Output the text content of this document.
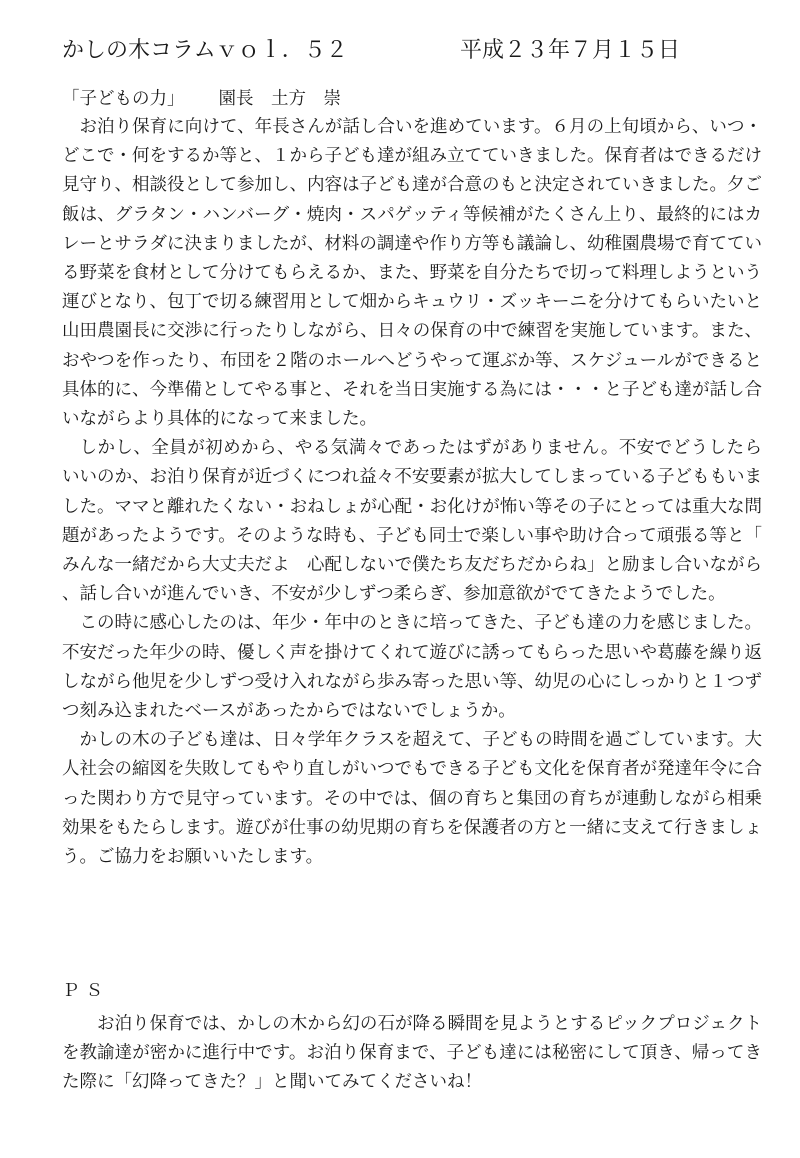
かしの木コラムｖｏｌ．５２	平成２３年７月１５日
「子どもの力」 園長　土方　崇

お泊り保育に向けて、年長さんが話し合いを進めています。６月の上旬頃から、いつ・どこで・何をするか等と、１から子ども達が組み立てていきました。保育者はできるだけ見守り、相談役として参加し、内容は子ども達が合意のもと決定されていきました。夕ご飯は、グラタン・ハンバーグ・焼肉・スパゲッティ等候補がたくさん上り、最終的にはカレーとサラダに決まりましたが、材料の調達や作り方等も議論し、幼稚園農場で育てている野菜を食材として分けてもらえるか、また、野菜を自分たちで切って料理しようという運びとなり、包丁で切る練習用として畑からキュウリ・ズッキーニを分けてもらいたいと山田農園長に交渉に行ったりしながら、日々の保育の中で練習を実施しています。また、おやつを作ったり、布団を２階のホールへどうやって運ぶか等、スケジュールができると具体的に、今準備としてやる事と、それを当日実施する為には・・・と子ども達が話し合いながらより具体的になって来ました。

しかし、全員が初めから、やる気満々であったはずがありません。不安でどうしたらいいのか、お泊り保育が近づくにつれ益々不安要素が拡大してしまっている子どももいました。ママと離れたくない・おねしょが心配・お化けが怖い等その子にとっては重大な問題があったようです。そのような時も、子ども同士で楽しい事や助け合って頑張る等と「みんな一緒だから大丈夫だよ　心配しないで僕たち友だちだからね」と励まし合いながら、話し合いが進んでいき、不安が少しずつ柔らぎ、参加意欲がでてきたようでした。

この時に感心したのは、年少・年中のときに培ってきた、子ども達の力を感じました。不安だった年少の時、優しく声を掛けてくれて遊びに誘ってもらった思いや葛藤を繰り返しながら他児を少しずつ受け入れながら歩み寄った思い等、幼児の心にしっかりと１つずつ刻み込まれたベースがあったからではないでしょうか。

かしの木の子ども達は、日々学年クラスを超えて、子どもの時間を過ごしています。大人社会の縮図を失敗してもやり直しがいつでもできる子ども文化を保育者が発達年令に合った関わり方で見守っています。その中では、個の育ちと集団の育ちが連動しながら相乗効果をもたらします。遊びが仕事の幼児期の育ちを保護者の方と一緒に支えて行きましょう。ご協力をお願いいたします。

ＰＳ

お泊り保育では、かしの木から幻の石が降る瞬間を見ようとするピックプロジェクトを教諭達が密かに進行中です。お泊り保育まで、子ども達には秘密にして頂き、帰ってきた際に「幻降ってきた？」と聞いてみてくださいね！
